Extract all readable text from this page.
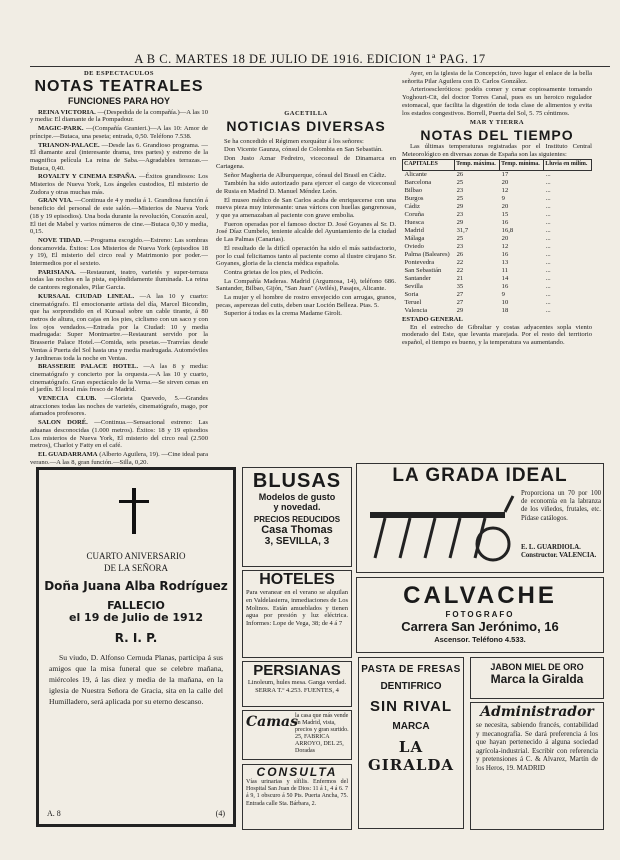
A B C. MARTES 18 DE JULIO DE 1916. EDICION 1ª PAG. 17
DE ESPECTACULOS
NOTAS TEATRALES
FUNCIONES PARA HOY

REINA VICTORIA. —(Despedida de la compañía.)—A las 10 y media: El diamante de la Pompadour.

MAGIC-PARK. —(Compañía Granieri.)—A las 10: Amor de príncipe.—Butaca, una peseta; entrada, 0,50. Teléfono 7.538.

TRIANON-PALACE. —Desde las 6. Grandioso programa. — El diamante azul (interesante drama, tres partes) y estreno de la magnifica película La reina de Saba.—Agradables terrazas.—Butaca, 0,40.

ROYALTY Y CINEMA ESPAÑA. —Éxitos grandiosos: Los Misterios de Nueva York, Los ángeles custodios, El misterio de Zudora y otras muchas más.

GRAN VIA. —Continua de 4 y media á 1. Grandiosa función á beneficio del personal de este salón.—Misterios de Nueva York (18 y 19 episodios). Una boda durante la revolución, Corazón azul, El tiet de Mabel y varios números de cine.—Butaca 0,30 y media, 0,15.

NOVE TIDAD. —Programa escogido.—Estreno: Las sombras doncamovida. Éxitos: Los Misterios de Nueva York (episodios 18 y 19), El misterio del circo real y Matrimonio por poder.—Intermedios por el sexteto.

PARISIANA. —Restaurant, teatro, varietés y super-terraza todas las noches en la pista, espléndidamente iluminada. La reina de cantores regionales, Pilar Garcia.

KURSAAL CIUDAD LINEAL. —A las 10 y cuarto: cinematógrafo. El emocionante artista del día, Marcel Bicondin, que ha sorprendido en el Kurssal sobre un cable tirante, á 80 metros de altura, con cajas en los pies, ciclismo con un saco y con los ojos vendados.—Entrada por la Ciudad: 10 y media madrugada: Super Montmartre.—Restaurant servido por la Brasserie Palace Hotel.—Comida, seis pesetas.—Tranvías desde Ventas á Puerta del Sol hasta una y media madrugada. Automóviles y Jardineras toda la noche en Ventas.

BRASSERIE PALACE HOTEL. —A las 8 y media: cinematógrafo y concierto por la orquesta.—A las 10 y cuarto, cinematógrafo. Gran espectáculo de la Verna.—Se sirven cenas en el jardín. El local más fresco de Madrid.

VENECIA CLUB. —Glorieta Quevedo, 5.—Grandes atracciones todas las noches de varietés, cinematógrafo, mago, por afamados profesores.

SALON DORÉ. —Continua.—Sensacional estreno: Las aduanas desconocidas (1.000 metros). Éxitos: 18 y 19 episodios Los misterios de Nueva York, El misterio del circo real (2.500 metros), Charlot y Fatty en el café.

EL GUADARRAMA (Alberto Aguilera, 19). —Cine ideal para verano.—A las 8, gran función.—Silla, 0,20.

GACETILLA
NOTICIAS DIVERSAS

Se ha concedido el Régimen exequátur á los señores:

Don Vicente Gaunza, cónsul de Colombia en San Sebastián.

Don Justo Aznar Fedreiro, viceconsul de Dinamarca en Cartagena.

Señor Magheria de Alburquerque, cónsul del Brasil en Cádiz.

También ha sido autorizado para ejercer el cargo de viceconsul de Rusia en Madrid D. Manuel Méndez León.

El museo médico de San Carlos acaba de enriquecerse con una nueva pieza muy interesante: unas várices con huellas gangrenosas, y que ya amenazaban al paciente con grave embolia.

Fueron operadas por el famoso doctor D. José Goyanes al Sr. D. José Díaz Cumbelo, teniente alcalde del Ayuntamiento de la ciudad de Las Palmas (Canarias).

El resultado de la difícil operación ha sido el más satisfactorio, por lo cual felicitamos tanto al paciente como al ilustre cirujano Sr. Goyanes, gloria de la ciencia médica española.

Contra grietas de los pies, el Pedicón.

La Compañía Maderas. Madrid (Argumosa, 14), teléfono 686. Santander, Bilbao, Gijón, "San Juan" (Avilés), Pasajes, Alicante.

La mujer y el hombre de rostro envejecido con arrugas, granos, pecas, asperezas del cutis, deben usar Loción Belleza. Ptas. 5.

Superior á todas es la crema Madame Girolt.

Ayer, en la iglesia de la Concepción, tuvo lugar el enlace de la bella señorita Pilar Aguilera con D. Carlos González.

Arterioescleróticos: podéis comer y cenar copiosamente tomando Yoghourt-Cit, del doctor Torres Canal, pues es un heroico regulador estomacal, que facilita la digestión de toda clase de alimentos y evita los estados congestivos. Borrell, Puerta del Sol, 5. 75 céntimos.

MAR Y TIERRA
NOTAS DEL TIEMPO

Las últimas temperaturas registradas por el Instituto Central Meteorológico en diversas zonas de España son las siguientes:

CAPITALES	Temp. máxima.	Temp. mínima.	Lluvia en milím.
Alicante	26	17	...
Barcelona	25	20	...
Bilbao	23	12	...
Burgos	25	9	...
Cádiz	29	20	...
Coruña	23	15	...
Huesca	29	16	...
Madrid	31,7	16,8	...
Málaga	25	20	...
Oviedo	23	12	...
Palma (Baleares)	26	16	...
Pontevedra	22	13	...
San Sebastián	22	11	...
Santander	21	14	...
Sevilla	35	16	...
Soria	27	9	...
Teruel	27	10	...
Valencia	29	18	...
ESTADO GENERAL

En el estrecho de Gibraltar y costas adyacentes sopla viento moderado del Este, que levanta marejada. Por el resto del territorio español, el tiempo es bueno, y la temperatura va aumentando.

CUARTO ANIVERSARIO
DE LA SEÑORA
Doña Juana Alba Rodríguez
FALLECIO
el 19 de Julio de 1912
R. I. P.
Su viudo, D. Alfonso Cernuda Planas, participa á sus amigos que la misa funeral que se celebre mañana, miércoles 19, á las diez y media de la mañana, en la iglesia de Nuestra Señora de Gracia, sita en la calle del Humilladero, será aplicada por su eterno descanso.
A. 8	(4)
BLUSAS
Modelos de gusto
y novedad.
PRECIOS REDUCIDOS
Casa Thomas
3, SEVILLA, 3
LA GRADA IDEAL
Proporciona un 70 por 100 de economía en la labranza de los viñedos, frutales, etc. Pídase catálogos.
E. L. GUARDIOLA. Constructor. VALENCIA.
HOTELES
Para veranear en el verano se alquilan en Valdelasierra, inmediaciones de Los Molinos. Están amueblados y tienen agua por presión y luz eléctrica. Informes: Lope de Vega, 38; de 4 á 7
CALVACHE
FOTOGRAFO
Carrera San Jerónimo, 16
Ascensor. Teléfono 4.533.
PERSIANAS
Linoleum, hules mesa. Ganga verdad. SERRA T.º 4.253. FUENTES, 4
Camas
la casa que más vende en Madrid, vista, precios y gran surtido. 25, FABRICA ARROYO, DEL 25, Doradas
CONSULTA
Vías urinarias y sífilis. Enfermos del Hospital San Juan de Dios: 11 á 1, 4 á 6. 7 á 9, 1 obscuro á 50 Pts. Puerta Ancha, 75. Entrada calle Sta. Bárbara, 2.
PASTA DE FRESAS
DENTIFRICO
SIN RIVAL
MARCA
LA GIRALDA
JABON MIEL DE ORO
Marca la Giralda
Administrador
se necesita, sabiendo francés, contabilidad y mecanografía. Se dará preferencia á los que hayan pertenecido á alguna sociedad agrícola-industrial. Escribir con referencia y pretensiones á C. & Alvarez, Martín de los Heros, 19. MADRID
